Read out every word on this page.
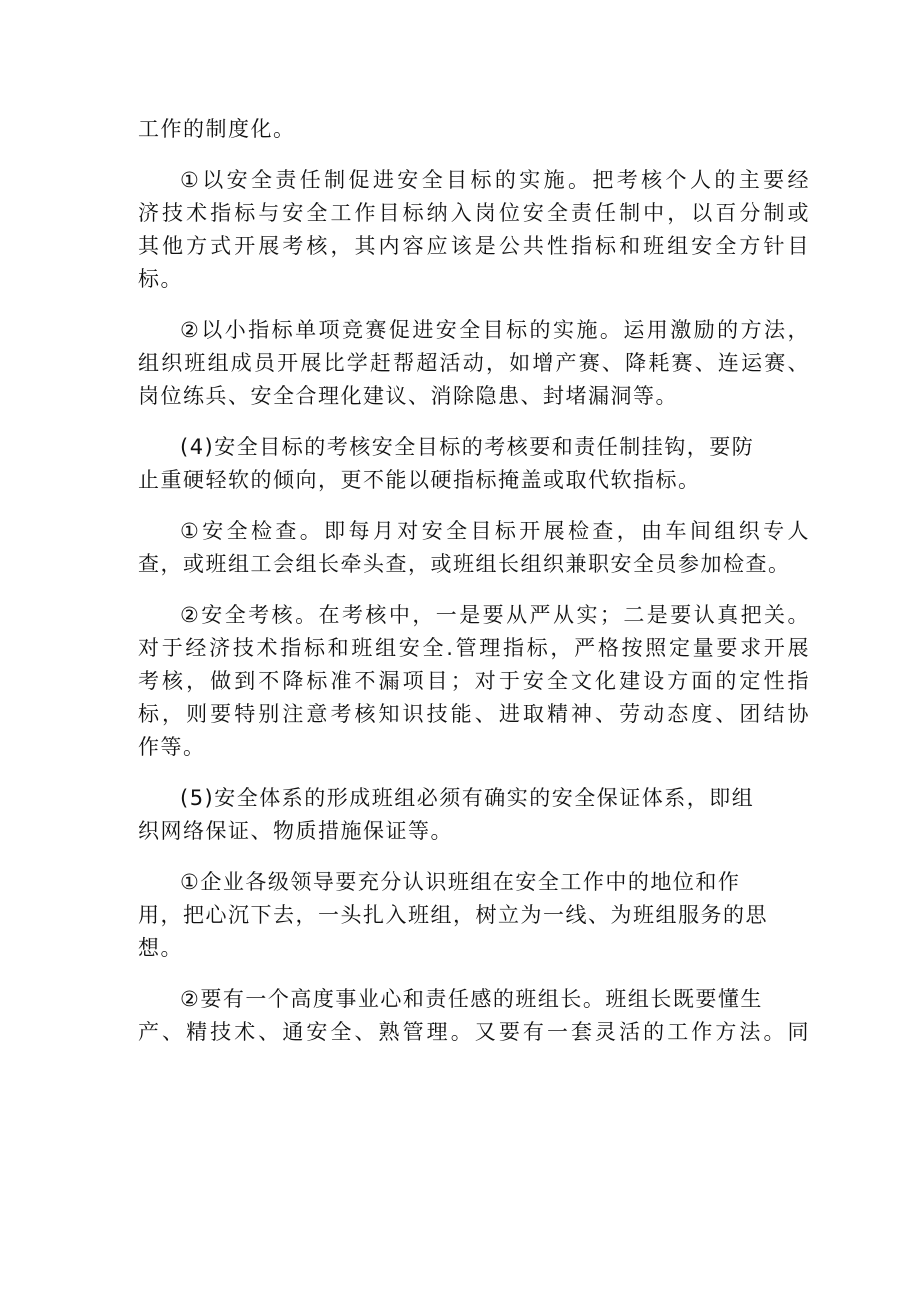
工作的制度化。

①以安全责任制促进安全目标的实施。把考核个人的主要经
济技术指标与安全工作目标纳入岗位安全责任制中，以百分制或
其他方式开展考核，其内容应该是公共性指标和班组安全方针目
标。

②以小指标单项竞赛促进安全目标的实施。运用激励的方法，
组织班组成员开展比学赶帮超活动，如增产赛、降耗赛、连运赛、
岗位练兵、安全合理化建议、消除隐患、封堵漏洞等。

(4)安全目标的考核安全目标的考核要和责任制挂钩，要防
止重硬轻软的倾向，更不能以硬指标掩盖或取代软指标。

①安全检查。即每月对安全目标开展检查，由车间组织专人
查，或班组工会组长牵头查，或班组长组织兼职安全员参加检查。

②安全考核。在考核中，一是要从严从实；二是要认真把关。
对于经济技术指标和班组安全.管理指标，严格按照定量要求开展
考核，做到不降标准不漏项目；对于安全文化建设方面的定性指
标，则要特别注意考核知识技能、进取精神、劳动态度、团结协
作等。

(5)安全体系的形成班组必须有确实的安全保证体系，即组
织网络保证、物质措施保证等。

①企业各级领导要充分认识班组在安全工作中的地位和作
用，把心沉下去，一头扎入班组，树立为一线、为班组服务的思
想。

②要有一个高度事业心和责任感的班组长。班组长既要懂生
产、精技术、通安全、熟管理。又要有一套灵活的工作方法。同
